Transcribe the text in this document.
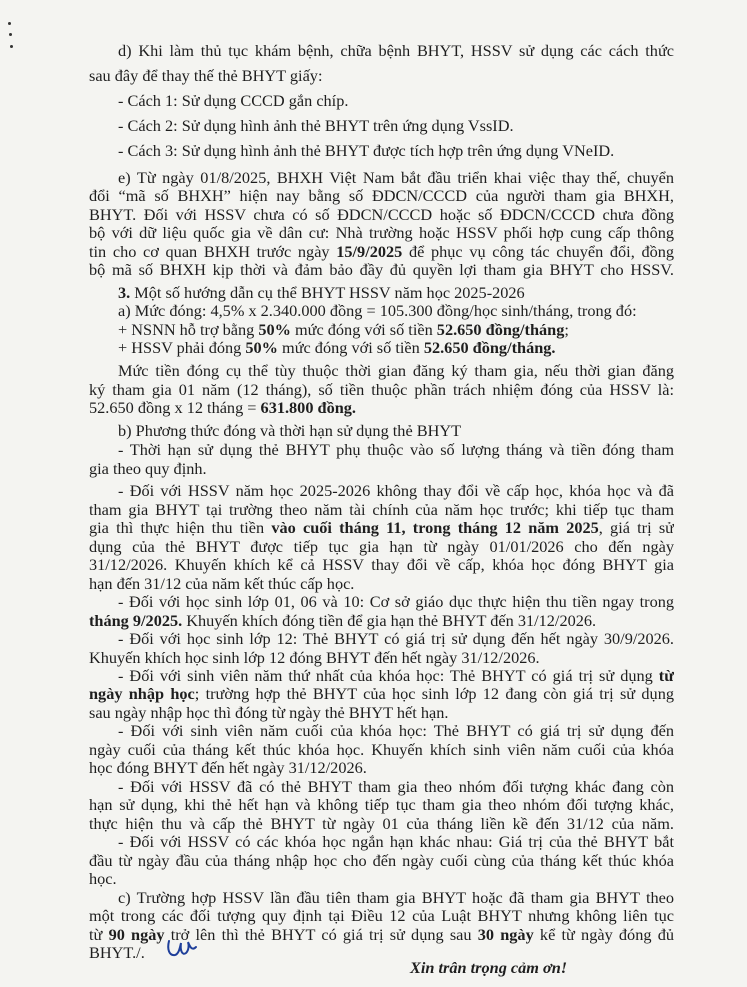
d) Khi làm thủ tục khám bệnh, chữa bệnh BHYT, HSSV sử dụng các cách thức
sau đây để thay thế thẻ BHYT giấy:
- Cách 1: Sử dụng CCCD gắn chíp.
- Cách 2: Sử dụng hình ảnh thẻ BHYT trên ứng dụng VssID.
- Cách 3: Sử dụng hình ảnh thẻ BHYT được tích hợp trên ứng dụng VNeID.
e) Từ ngày 01/8/2025, BHXH Việt Nam bắt đầu triển khai việc thay thế, chuyển
đổi “mã số BHXH” hiện nay bằng số ĐDCN/CCCD của người tham gia BHXH,
BHYT. Đối với HSSV chưa có số ĐDCN/CCCD hoặc số ĐDCN/CCCD chưa đồng
bộ với dữ liệu quốc gia về dân cư: Nhà trường hoặc HSSV phối hợp cung cấp thông
tin cho cơ quan BHXH trước ngày 15/9/2025 để phục vụ công tác chuyển đổi, đồng
bộ mã số BHXH kịp thời và đảm bảo đầy đủ quyền lợi tham gia BHYT cho HSSV.
3. Một số hướng dẫn cụ thể BHYT HSSV năm học 2025-2026
a) Mức đóng: 4,5% x 2.340.000 đồng = 105.300 đồng/học sinh/tháng, trong đó:
+ NSNN hỗ trợ bằng 50% mức đóng với số tiền 52.650 đồng/tháng;
+ HSSV phải đóng 50% mức đóng với số tiền 52.650 đồng/tháng.
Mức tiền đóng cụ thể tùy thuộc thời gian đăng ký tham gia, nếu thời gian đăng
ký tham gia 01 năm (12 tháng), số tiền thuộc phần trách nhiệm đóng của HSSV là:
52.650 đồng x 12 tháng = 631.800 đồng.
b) Phương thức đóng và thời hạn sử dụng thẻ BHYT
- Thời hạn sử dụng thẻ BHYT phụ thuộc vào số lượng tháng và tiền đóng tham
gia theo quy định.
- Đối với HSSV năm học 2025-2026 không thay đổi về cấp học, khóa học và đã
tham gia BHYT tại trường theo năm tài chính của năm học trước; khi tiếp tục tham
gia thì thực hiện thu tiền vào cuối tháng 11, trong tháng 12 năm 2025, giá trị sử
dụng của thẻ BHYT được tiếp tục gia hạn từ ngày 01/01/2026 cho đến ngày
31/12/2026. Khuyến khích kể cả HSSV thay đổi về cấp, khóa học đóng BHYT gia
hạn đến 31/12 của năm kết thúc cấp học.
- Đối với học sinh lớp 01, 06 và 10: Cơ sở giáo dục thực hiện thu tiền ngay trong
tháng 9/2025. Khuyến khích đóng tiền để gia hạn thẻ BHYT đến 31/12/2026.
- Đối với học sinh lớp 12: Thẻ BHYT có giá trị sử dụng đến hết ngày 30/9/2026.
Khuyến khích học sinh lớp 12 đóng BHYT đến hết ngày 31/12/2026.
- Đối với sinh viên năm thứ nhất của khóa học: Thẻ BHYT có giá trị sử dụng từ
ngày nhập học; trường hợp thẻ BHYT của học sinh lớp 12 đang còn giá trị sử dụng
sau ngày nhập học thì đóng từ ngày thẻ BHYT hết hạn.
- Đối với sinh viên năm cuối của khóa học: Thẻ BHYT có giá trị sử dụng đến
ngày cuối của tháng kết thúc khóa học. Khuyến khích sinh viên năm cuối của khóa
học đóng BHYT đến hết ngày 31/12/2026.
- Đối với HSSV đã có thẻ BHYT tham gia theo nhóm đối tượng khác đang còn
hạn sử dụng, khi thẻ hết hạn và không tiếp tục tham gia theo nhóm đối tượng khác,
thực hiện thu và cấp thẻ BHYT từ ngày 01 của tháng liền kề đến 31/12 của năm.
- Đối với HSSV có các khóa học ngắn hạn khác nhau: Giá trị của thẻ BHYT bắt
đầu từ ngày đầu của tháng nhập học cho đến ngày cuối cùng của tháng kết thúc khóa
học.
c) Trường hợp HSSV lần đầu tiên tham gia BHYT hoặc đã tham gia BHYT theo
một trong các đối tượng quy định tại Điều 12 của Luật BHYT nhưng không liên tục
từ 90 ngày trở lên thì thẻ BHYT có giá trị sử dụng sau 30 ngày kể từ ngày đóng đủ
BHYT./.
Xin trân trọng cảm ơn!
